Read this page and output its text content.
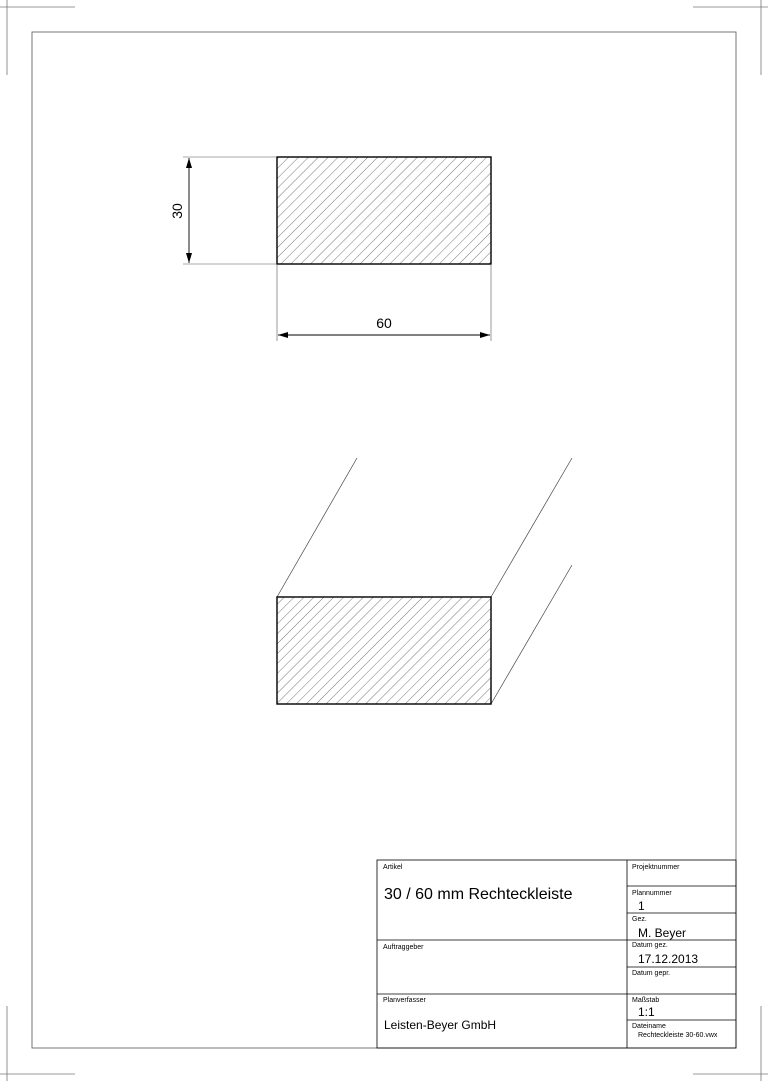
30
60
Artikel
30 / 60 mm Rechteckleiste
Auftraggeber
Planverfasser
Leisten-Beyer GmbH
Projektnummer
Plannummer
1
Gez.
M. Beyer
Datum gez.
17.12.2013
Datum gepr.
Maßstab
1:1
Dateiname
Rechteckleiste 30-60.vwx
